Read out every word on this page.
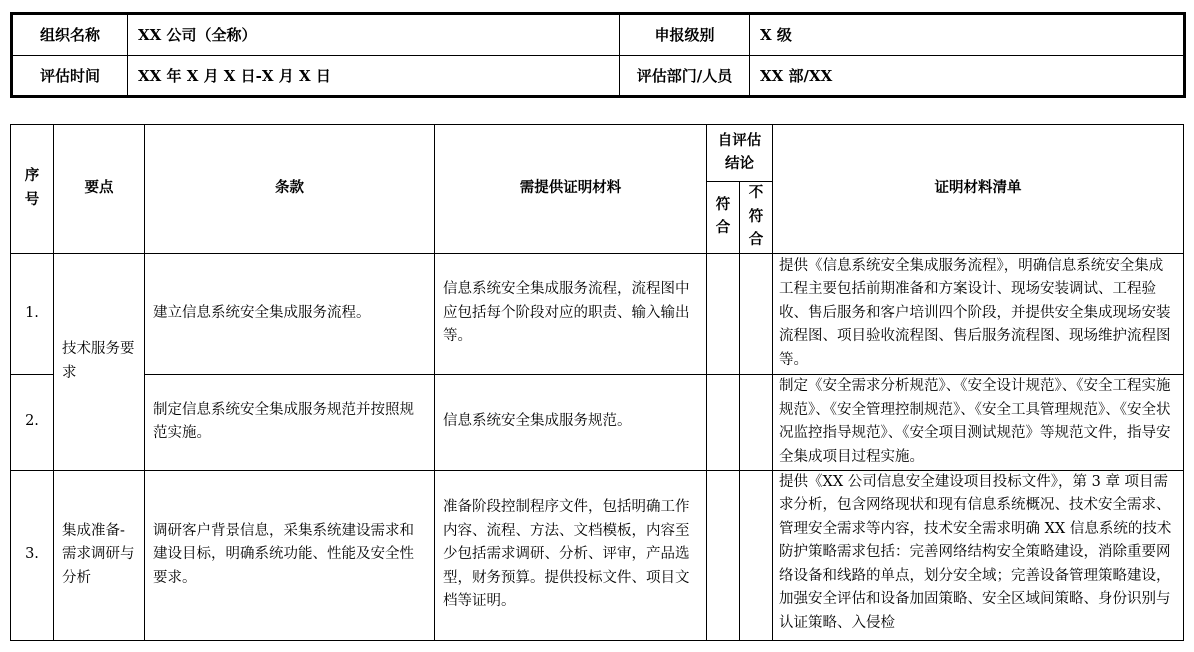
组织名称	XX 公司（全称）	申报级别	X 级
评估时间	XX 年 X 月 X 日-X 月 X 日	评估部门/人员	XX 部/XX
序号	要点	条款	需提供证明材料	自评估结论		证明材料清单
				符合	不符合	
1.	技术服务要求	建立信息系统安全集成服务流程。	信息系统安全集成服务流程，流程图中应包括每个阶段对应的职责、输入输出等。			提供《信息系统安全集成服务流程》，明确信息系统安全集成工程主要包括前期准备和方案设计、现场安装调试、工程验收、售后服务和客户培训四个阶段，并提供安全集成现场安装流程图、项目验收流程图、售后服务流程图、现场维护流程图等。
2.		制定信息系统安全集成服务规范并按照规范实施。	信息系统安全集成服务规范。			制定《安全需求分析规范》、《安全设计规范》、《安全工程实施规范》、《安全管理控制规范》、《安全工具管理规范》、《安全状况监控指导规范》、《安全项目测试规范》等规范文件，指导安全集成项目过程实施。
3.	集成准备-需求调研与分析	调研客户背景信息，采集系统建设需求和建设目标，明确系统功能、性能及安全性要求。	准备阶段控制程序文件，包括明确工作内容、流程、方法、文档模板，内容至少包括需求调研、分析、评审，产品选型，财务预算。提供投标文件、项目文档等证明。			提供《XX 公司信息安全建设项目投标文件》，第 3 章 项目需求分析，包含网络现状和现有信息系统概况、技术安全需求、管理安全需求等内容，技术安全需求明确 XX 信息系统的技术防护策略需求包括：完善网络结构安全策略建设，消除重要网络设备和线路的单点，划分安全域；完善设备管理策略建设，加强安全评估和设备加固策略、安全区域间策略、身份识别与认证策略、入侵检
